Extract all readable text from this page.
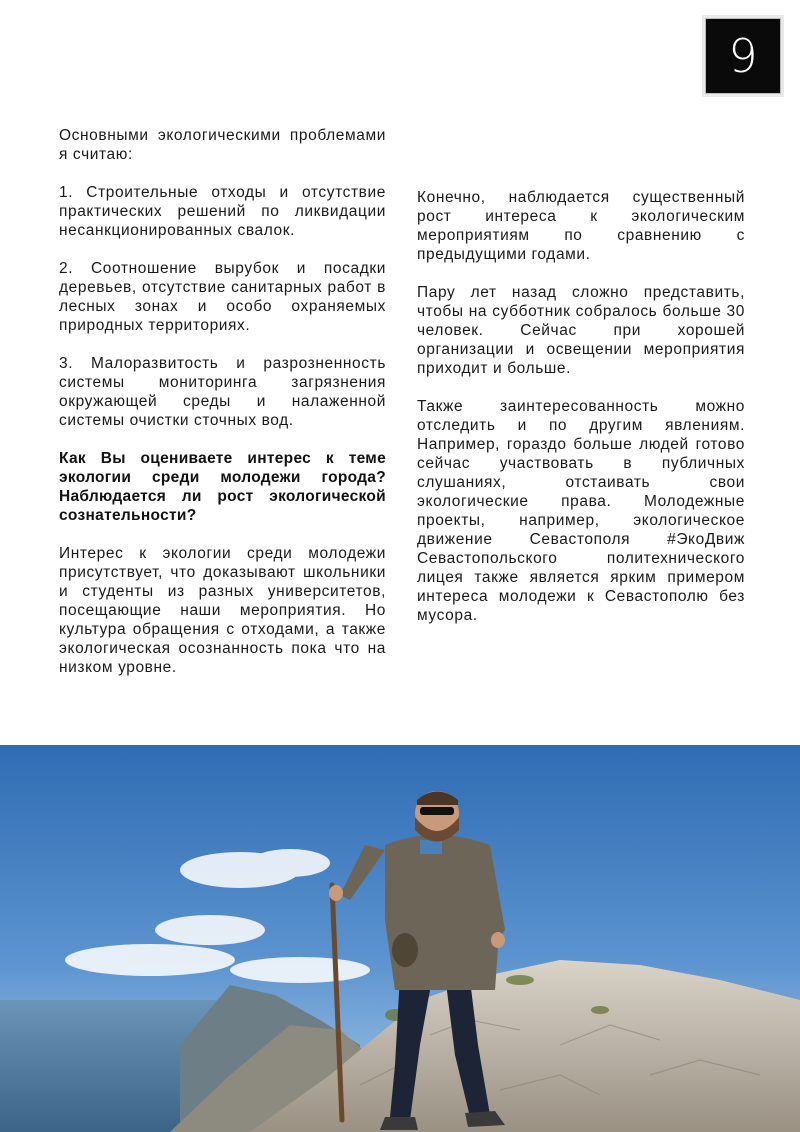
9

Основными экологическими проблемами я считаю:

1. Строительные отходы и отсутствие практических решений по ликвидации несанкционированных свалок.

2. Соотношение вырубок и посадки деревьев, отсутствие санитарных работ в лесных зонах и особо охраняемых природных территориях.

3. Малоразвитость и разрозненность системы мониторинга загрязнения окружающей среды и налаженной системы очистки сточных вод.

Как Вы оцениваете интерес к теме экологии среди молодежи города? Наблюдается ли рост экологической сознательности?

Интерес к экологии среди молодежи присутствует, что доказывают школьники и студенты из разных университетов, посещающие наши мероприятия. Но культура обращения с отходами, а также экологическая осознанность пока что на низком уровне.

Конечно, наблюдается существенный рост интереса к экологическим мероприятиям по сравнению с предыдущими годами.

Пару лет назад сложно представить, чтобы на субботник собралось больше 30 человек. Сейчас при хорошей организации и освещении мероприятия приходит и больше.

Также заинтересованность можно отследить и по другим явлениям. Например, гораздо больше людей готово сейчас участвовать в публичных слушаниях, отстаивать свои экологические права. Молодежные проекты, например, экологическое движение Севастополя #ЭкоДвиж Севастопольского политехнического лицея также является ярким примером интереса молодежи к Севастополю без мусора.
